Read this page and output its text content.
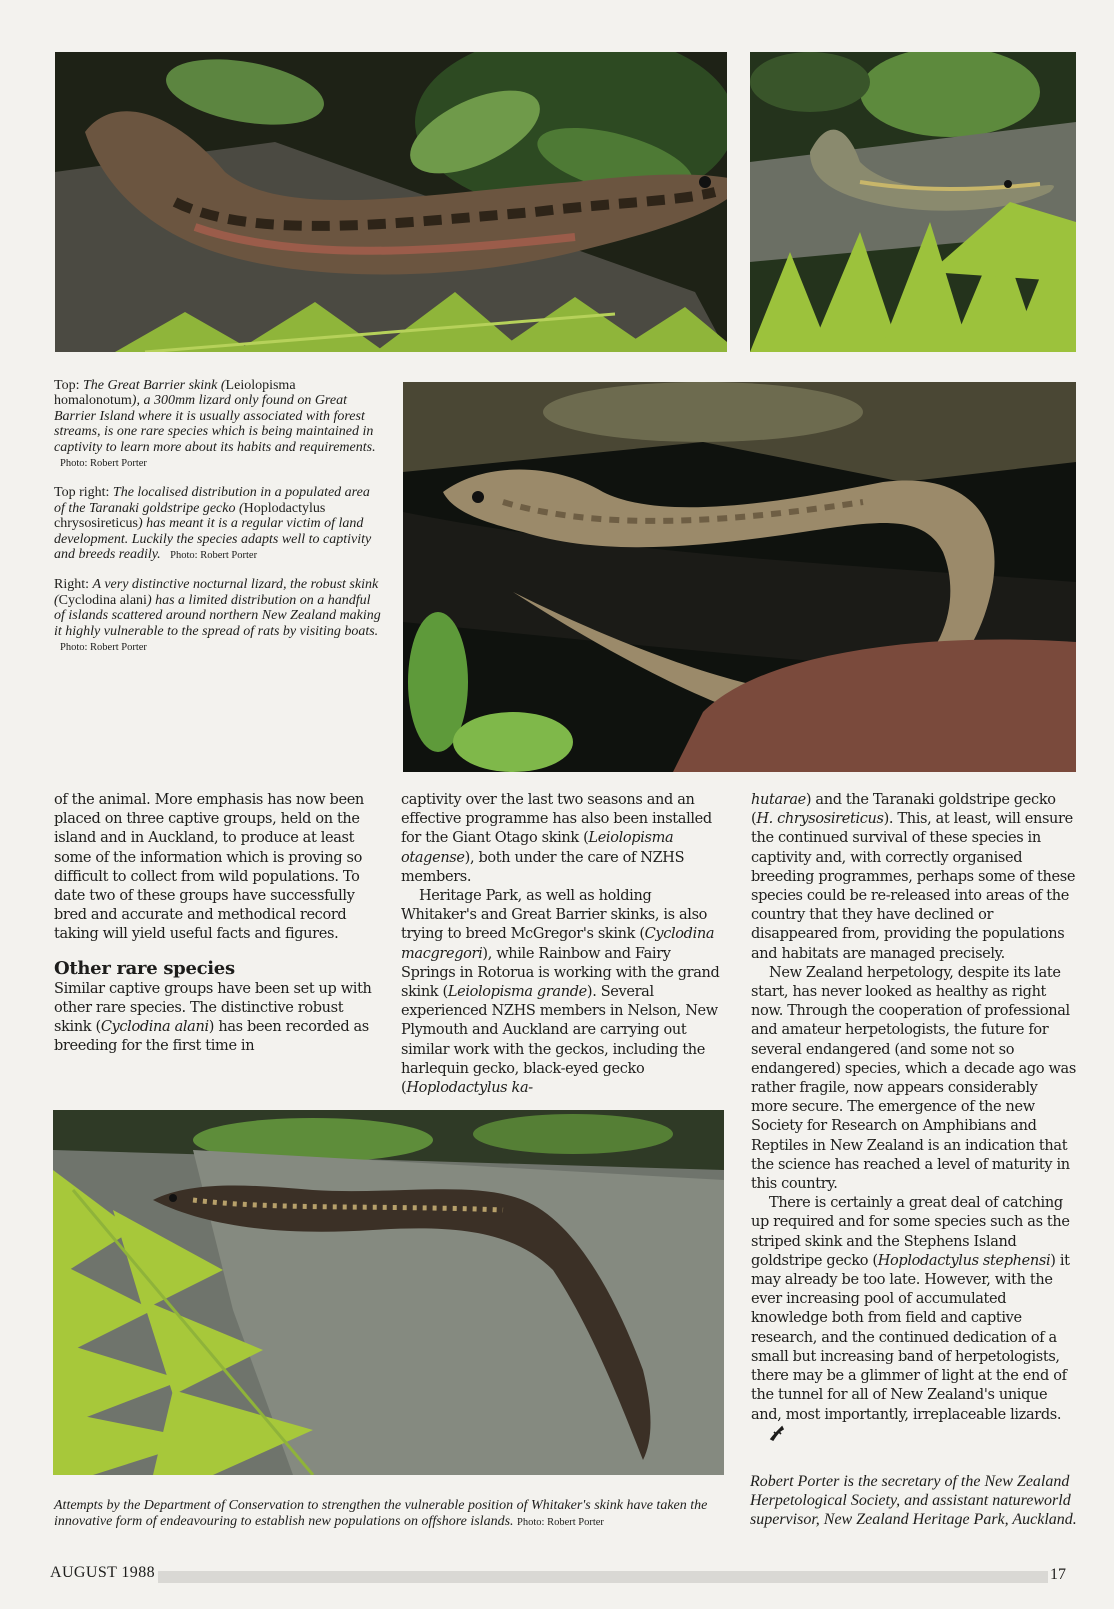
Top: The Great Barrier skink (Leiolopisma homalonotum), a 300mm lizard only found on Great Barrier Island where it is usually associated with forest streams, is one rare species which is being maintained in captivity to learn more about its habits and requirements.
Photo: Robert Porter

Top right: The localised distribution in a populated area of the Taranaki goldstripe gecko (Hoplodactylus chrysosireticus) has meant it is a regular victim of land development. Luckily the species adapts well to captivity and breeds readily. Photo: Robert Porter

Right: A very distinctive nocturnal lizard, the robust skink (Cyclodina alani) has a limited distribution on a handful of islands scattered around northern New Zealand making it highly vulnerable to the spread of rats by visiting boats.
Photo: Robert Porter

of the animal. More emphasis has now been placed on three captive groups, held on the island and in Auckland, to produce at least some of the information which is proving so difficult to collect from wild populations. To date two of these groups have successfully bred and accurate and methodical record taking will yield useful facts and figures.

Other rare species

Similar captive groups have been set up with other rare species. The distinctive robust skink (Cyclodina alani) has been recorded as breeding for the first time in

captivity over the last two seasons and an effective programme has also been installed for the Giant Otago skink (Leiolopisma otagense), both under the care of NZHS members.

Heritage Park, as well as holding Whitaker's and Great Barrier skinks, is also trying to breed McGregor's skink (Cyclodina macgregori), while Rainbow and Fairy Springs in Rotorua is working with the grand skink (Leiolopisma grande). Several experienced NZHS members in Nelson, New Plymouth and Auckland are carrying out similar work with the geckos, including the harlequin gecko, black-eyed gecko (Hoplodactylus ka-

hutarae) and the Taranaki goldstripe gecko (H. chrysosireticus). This, at least, will ensure the continued survival of these species in captivity and, with correctly organised breeding programmes, perhaps some of these species could be re-released into areas of the country that they have declined or disappeared from, providing the populations and habitats are managed precisely.

New Zealand herpetology, despite its late start, has never looked as healthy as right now. Through the cooperation of professional and amateur herpetologists, the future for several endangered (and some not so endangered) species, which a decade ago was rather fragile, now appears considerably more secure. The emergence of the new Society for Research on Amphibians and Reptiles in New Zealand is an indication that the science has reached a level of maturity in this country.

There is certainly a great deal of catching up required and for some species such as the striped skink and the Stephens Island goldstripe gecko (Hoplodactylus stephensi) it may already be too late. However, with the ever increasing pool of accumulated knowledge both from field and captive research, and the continued dedication of a small but increasing band of herpetologists, there may be a glimmer of light at the end of the tunnel for all of New Zealand's unique and, most importantly, irreplaceable lizards.

Attempts by the Department of Conservation to strengthen the vulnerable position of Whitaker's skink have taken the innovative form of endeavouring to establish new populations on offshore islands. Photo: Robert Porter
Robert Porter is the secretary of the New Zealand Herpetological Society, and assistant natureworld supervisor, New Zealand Heritage Park, Auckland.
AUGUST 1988	17
